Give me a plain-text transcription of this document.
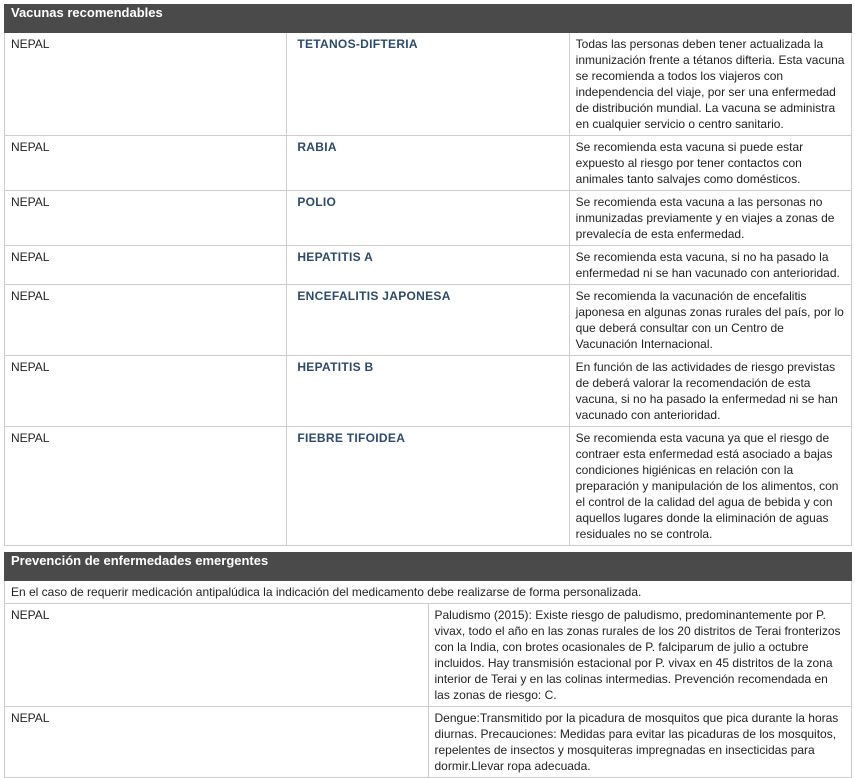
Vacunas recomendables		
NEPAL	TETANOS-DIFTERIA	Todas las personas deben tener actualizada la inmunización frente a tétanos difteria. Esta vacuna se recomienda a todos los viajeros con independencia del viaje, por ser una enfermedad de distribución mundial. La vacuna se administra en cualquier servicio o centro sanitario.
NEPAL	RABIA	Se recomienda esta vacuna si puede estar expuesto al riesgo por tener contactos con animales tanto salvajes como domésticos.
NEPAL	POLIO	Se recomienda esta vacuna a las personas no inmunizadas previamente y en viajes a zonas de prevalecía de esta enfermedad.
NEPAL	HEPATITIS A	Se recomienda esta vacuna, si no ha pasado la enfermedad ni se han vacunado con anterioridad.
NEPAL	ENCEFALITIS JAPONESA	Se recomienda la vacunación de encefalitis japonesa en algunas zonas rurales del país, por lo que deberá consultar con un Centro de Vacunación Internacional.
NEPAL	HEPATITIS B	En función de las actividades de riesgo previstas de deberá valorar la recomendación de esta vacuna, si no ha pasado la enfermedad ni se han vacunado con anterioridad.
NEPAL	FIEBRE TIFOIDEA	Se recomienda esta vacuna ya que el riesgo de contraer esta enfermedad está asociado a bajas condiciones higiénicas en relación con la preparación y manipulación de los alimentos, con el control de la calidad del agua de bebida y con aquellos lugares donde la eliminación de aguas residuales no se controla.

Prevención de enfermedades emergentes	
En el caso de requerir medicación antipalúdica la indicación del medicamento debe realizarse de forma personalizada.	
NEPAL	Paludismo (2015): Existe riesgo de paludismo, predominantemente por P. vivax, todo el año en las zonas rurales de los 20 distritos de Terai fronterizos con la India, con brotes ocasionales de P. falciparum de julio a octubre incluidos. Hay transmisión estacional por P. vivax en 45 distritos de la zona interior de Terai y en las colinas intermedias. Prevención recomendada en las zonas de riesgo: C.
NEPAL	Dengue:Transmitido por la picadura de mosquitos que pica durante la horas diurnas. Precauciones: Medidas para evitar las picaduras de los mosquitos, repelentes de insectos y mosquiteras impregnadas en insecticidas para dormir.Llevar ropa adecuada.
